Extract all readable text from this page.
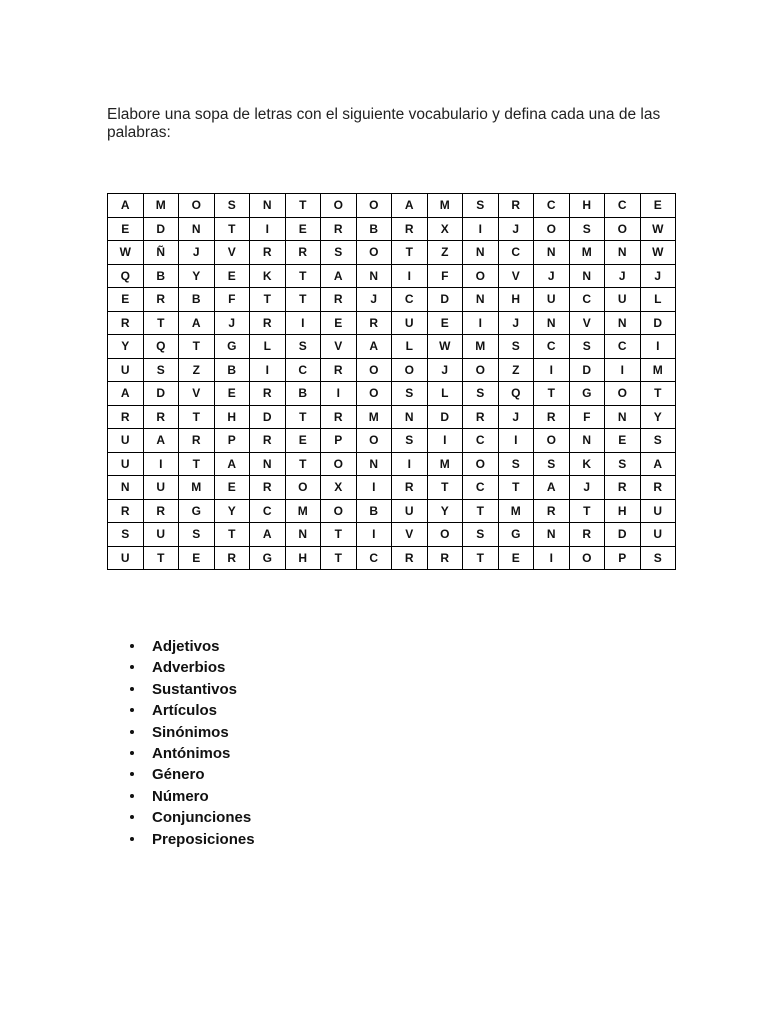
Elabore una sopa de letras con el siguiente vocabulario y defina cada una de las palabras:

A	M	O	S	N	T	O	O	A	M	S	R	C	H	C	E
E	D	N	T	I	E	R	B	R	X	I	J	O	S	O	W
W	Ñ	J	V	R	R	S	O	T	Z	N	C	N	M	N	W
Q	B	Y	E	K	T	A	N	I	F	O	V	J	N	J	J
E	R	B	F	T	T	R	J	C	D	N	H	U	C	U	L
R	T	A	J	R	I	E	R	U	E	I	J	N	V	N	D
Y	Q	T	G	L	S	V	A	L	W	M	S	C	S	C	I
U	S	Z	B	I	C	R	O	O	J	O	Z	I	D	I	M
A	D	V	E	R	B	I	O	S	L	S	Q	T	G	O	T
R	R	T	H	D	T	R	M	N	D	R	J	R	F	N	Y
U	A	R	P	R	E	P	O	S	I	C	I	O	N	E	S
U	I	T	A	N	T	O	N	I	M	O	S	S	K	S	A
N	U	M	E	R	O	X	I	R	T	C	T	A	J	R	R
R	R	G	Y	C	M	O	B	U	Y	T	M	R	T	H	U
S	U	S	T	A	N	T	I	V	O	S	G	N	R	D	U
U	T	E	R	G	H	T	C	R	R	T	E	I	O	P	S
Adjetivos
Adverbios
Sustantivos
Artículos
Sinónimos
Antónimos
Género
Número
Conjunciones
Preposiciones
